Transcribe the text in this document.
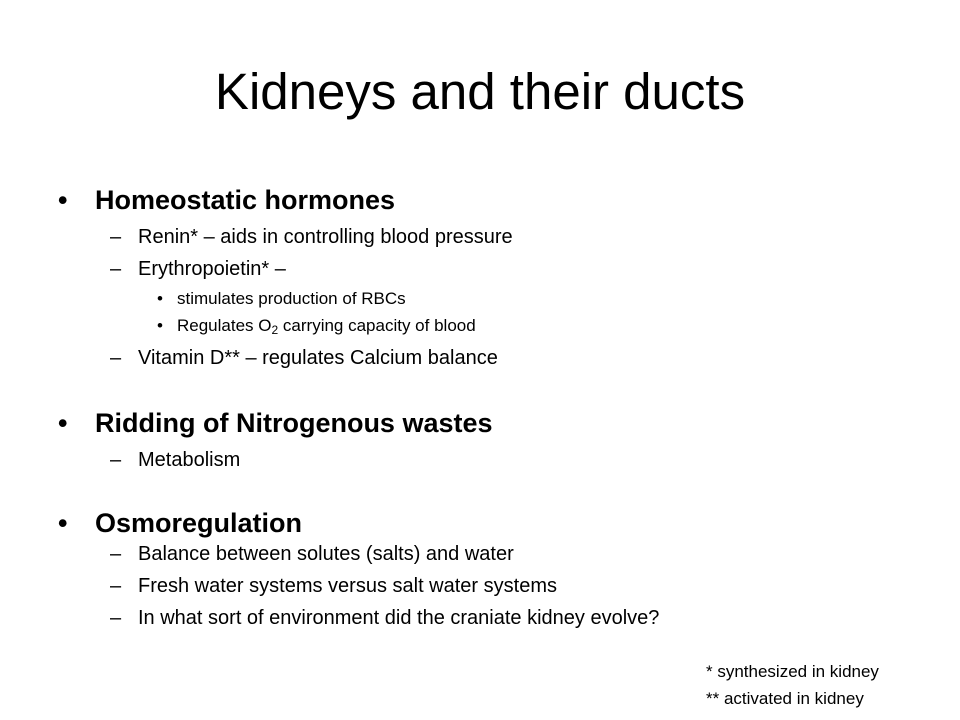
Kidneys and their ducts
• Homeostatic hormones
– Renin* – aids in controlling blood pressure
– Erythropoietin* –
• stimulates production of RBCs
• Regulates $O_2$ carrying capacity of blood
– Vitamin D** – regulates Calcium balance
• Ridding of Nitrogenous wastes
– Metabolism
• Osmoregulation
– Balance between solutes (salts) and water
– Fresh water systems versus salt water systems
– In what sort of environment did the craniate kidney evolve?
* synthesized in kidney
** activated in kidney
